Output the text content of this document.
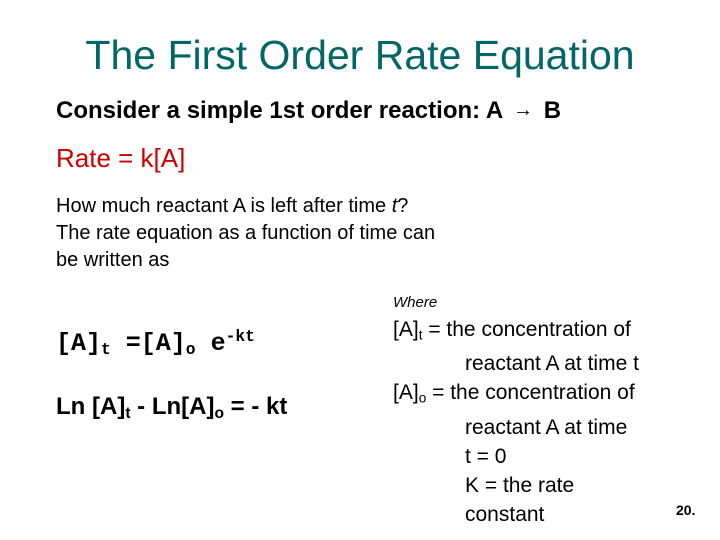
The First Order Rate Equation
Consider a simple 1st order reaction: A → B
Rate = k[A]
How much reactant A is left after time t?
The rate equation as a function of time can
be written as
Where
$[A]_t =[A]_o$ $e^{-kt}$
Ln $[A]_t - Ln[A]_o$ = - kt
$[A]_t$ = the concentration of
reactant A at time t
$[A]_o$ = the concentration of
reactant A at time
t = 0
K = the rate
constant	20.
